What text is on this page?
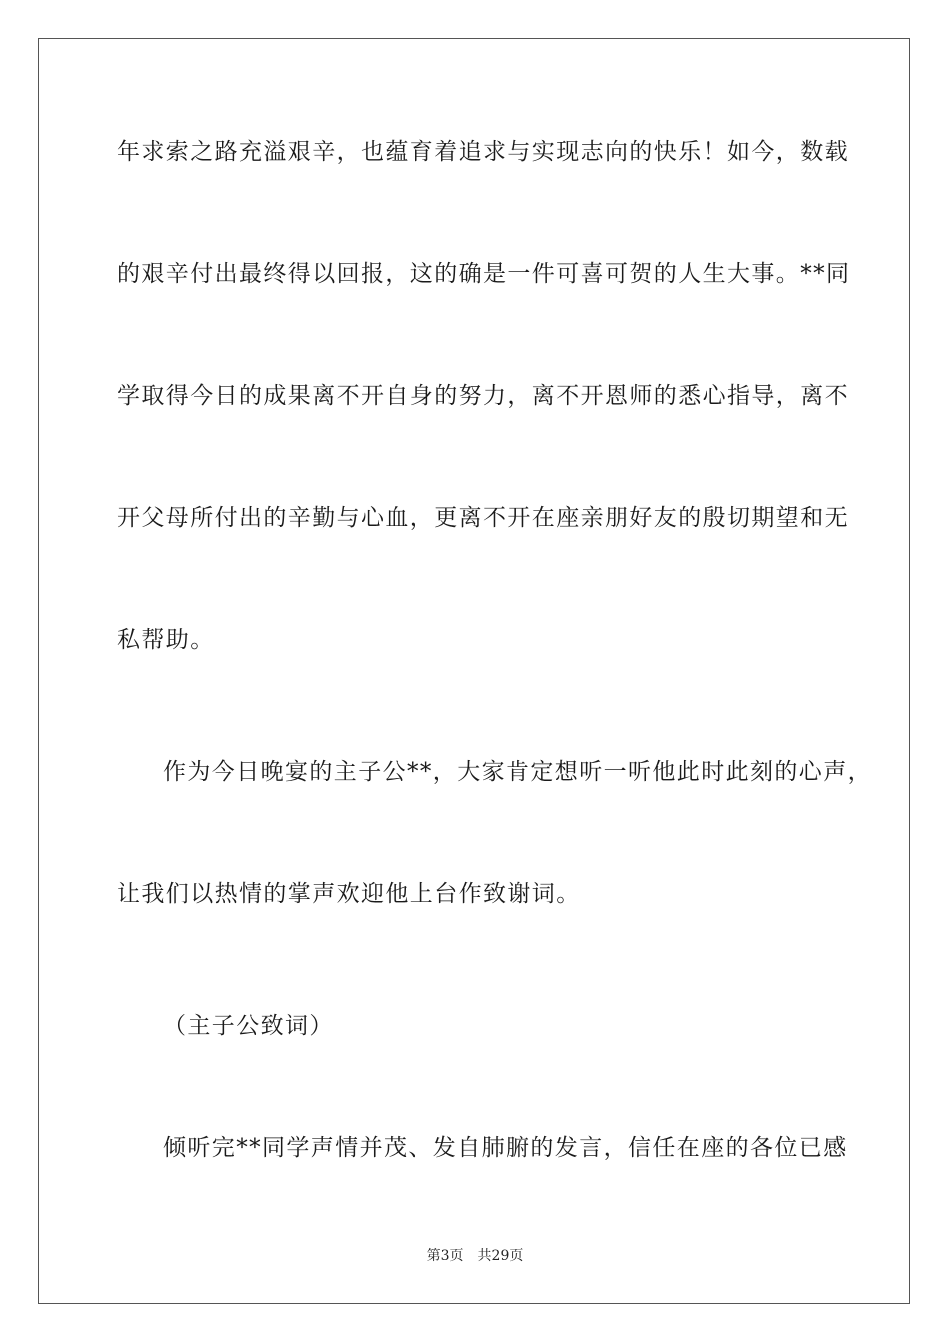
年求索之路充溢艰辛，也蕴育着追求与实现志向的快乐！如今，数载
的艰辛付出最终得以回报，这的确是一件可喜可贺的人生大事。**同
学取得今日的成果离不开自身的努力，离不开恩师的悉心指导，离不
开父母所付出的辛勤与心血，更离不开在座亲朋好友的殷切期望和无
私帮助。
作为今日晚宴的主子公**，大家肯定想听一听他此时此刻的心声，
让我们以热情的掌声欢迎他上台作致谢词。
（主子公致词）
倾听完**同学声情并茂、发自肺腑的发言，信任在座的各位已感
第3页 共29页
